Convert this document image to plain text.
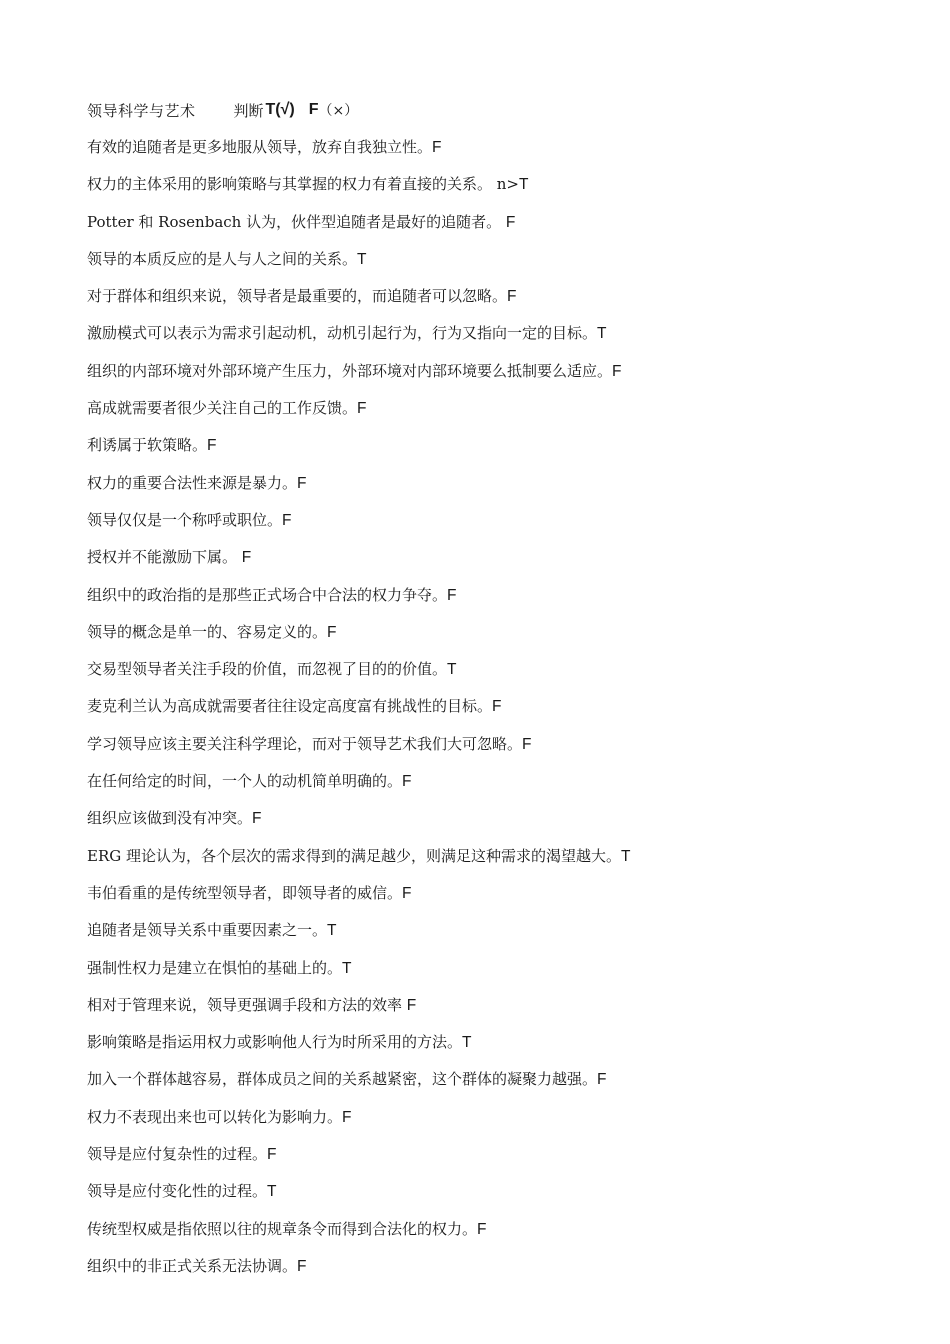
领导科学与艺术	判断 T(√) F （×）
有效的追随者是更多地服从领导，放弃自我独立性。F
权力的主体采用的影响策略与其掌握的权力有着直接的关系。 n>T
Potter 和 Rosenbach 认为，伙伴型追随者是最好的追随者。 F
领导的本质反应的是人与人之间的关系。T
对于群体和组织来说，领导者是最重要的，而追随者可以忽略。F
激励模式可以表示为需求引起动机，动机引起行为，行为又指向一定的目标。T
组织的内部环境对外部环境产生压力，外部环境对内部环境要么抵制要么适应。F
高成就需要者很少关注自己的工作反馈。F
利诱属于软策略。F
权力的重要合法性来源是暴力。F
领导仅仅是一个称呼或职位。F
授权并不能激励下属。 F
组织中的政治指的是那些正式场合中合法的权力争夺。F
领导的概念是单一的、容易定义的。F
交易型领导者关注手段的价值，而忽视了目的的价值。T
麦克利兰认为高成就需要者往往设定高度富有挑战性的目标。F
学习领导应该主要关注科学理论，而对于领导艺术我们大可忽略。F
在任何给定的时间，一个人的动机简单明确的。F
组织应该做到没有冲突。F
ERG 理论认为，各个层次的需求得到的满足越少，则满足这种需求的渴望越大。T
韦伯看重的是传统型领导者，即领导者的威信。F
追随者是领导关系中重要因素之一。T
强制性权力是建立在惧怕的基础上的。T
相对于管理来说，领导更强调手段和方法的效率 F
影响策略是指运用权力或影响他人行为时所采用的方法。T
加入一个群体越容易，群体成员之间的关系越紧密，这个群体的凝聚力越强。F
权力不表现出来也可以转化为影响力。F
领导是应付复杂性的过程。F
领导是应付变化性的过程。T
传统型权威是指依照以往的规章条令而得到合法化的权力。F
组织中的非正式关系无法协调。F
